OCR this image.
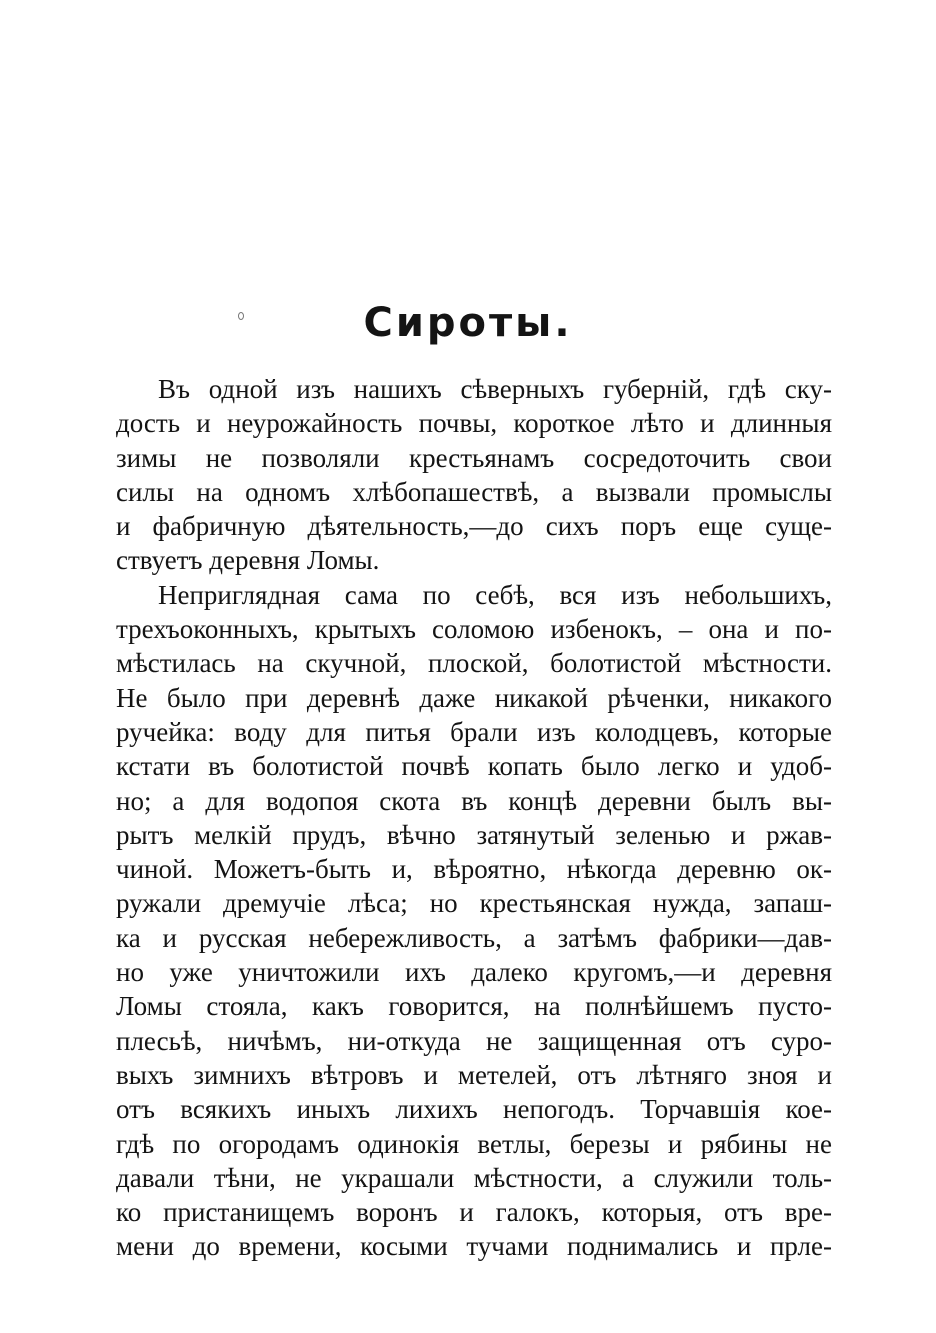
Сироты.

Въ одной изъ нашихъ сѣверныхъ губерній, гдѣ ску-
дость и неурожайность почвы, короткое лѣто и длинныя
зимы не позволяли крестьянамъ сосредоточить свои
силы на одномъ хлѣбопашествѣ, а вызвали промыслы
и фабричную дѣятельность,—до сихъ поръ еще суще-
ствуетъ деревня Ломы.

Неприглядная сама по себѣ, вся изъ небольшихъ,
трехъоконныхъ, крытыхъ соломою избенокъ, – она и по-
мѣстилась на скучной, плоской, болотистой мѣстности.
Не было при деревнѣ даже никакой рѣченки, никакого
ручейка: воду для питья брали изъ колодцевъ, которые
кстати въ болотистой почвѣ копать было легко и удоб-
но; а для водопоя скота въ концѣ деревни былъ вы-
рытъ мелкій прудъ, вѣчно затянутый зеленью и ржав-
чиной. Можетъ-быть и, вѣроятно, нѣкогда деревню ок-
ружали дремучіе лѣса; но крестьянская нужда, запаш-
ка и русская небережливость, а затѣмъ фабрики—дав-
но уже уничтожили ихъ далеко кругомъ,—и деревня
Ломы стояла, какъ говорится, на полнѣйшемъ пусто-
плесьѣ, ничѣмъ, ни-откуда не защищенная отъ суро-
выхъ зимнихъ вѣтровъ и метелей, отъ лѣтняго зноя и
отъ всякихъ иныхъ лихихъ непогодъ. Торчавшія кое-
гдѣ по огородамъ одинокія ветлы, березы и рябины не
давали тѣни, не украшали мѣстности, а служили толь-
ко пристанищемъ воронъ и галокъ, которыя, отъ вре-
мени до времени, косыми тучами поднимались и прле-
